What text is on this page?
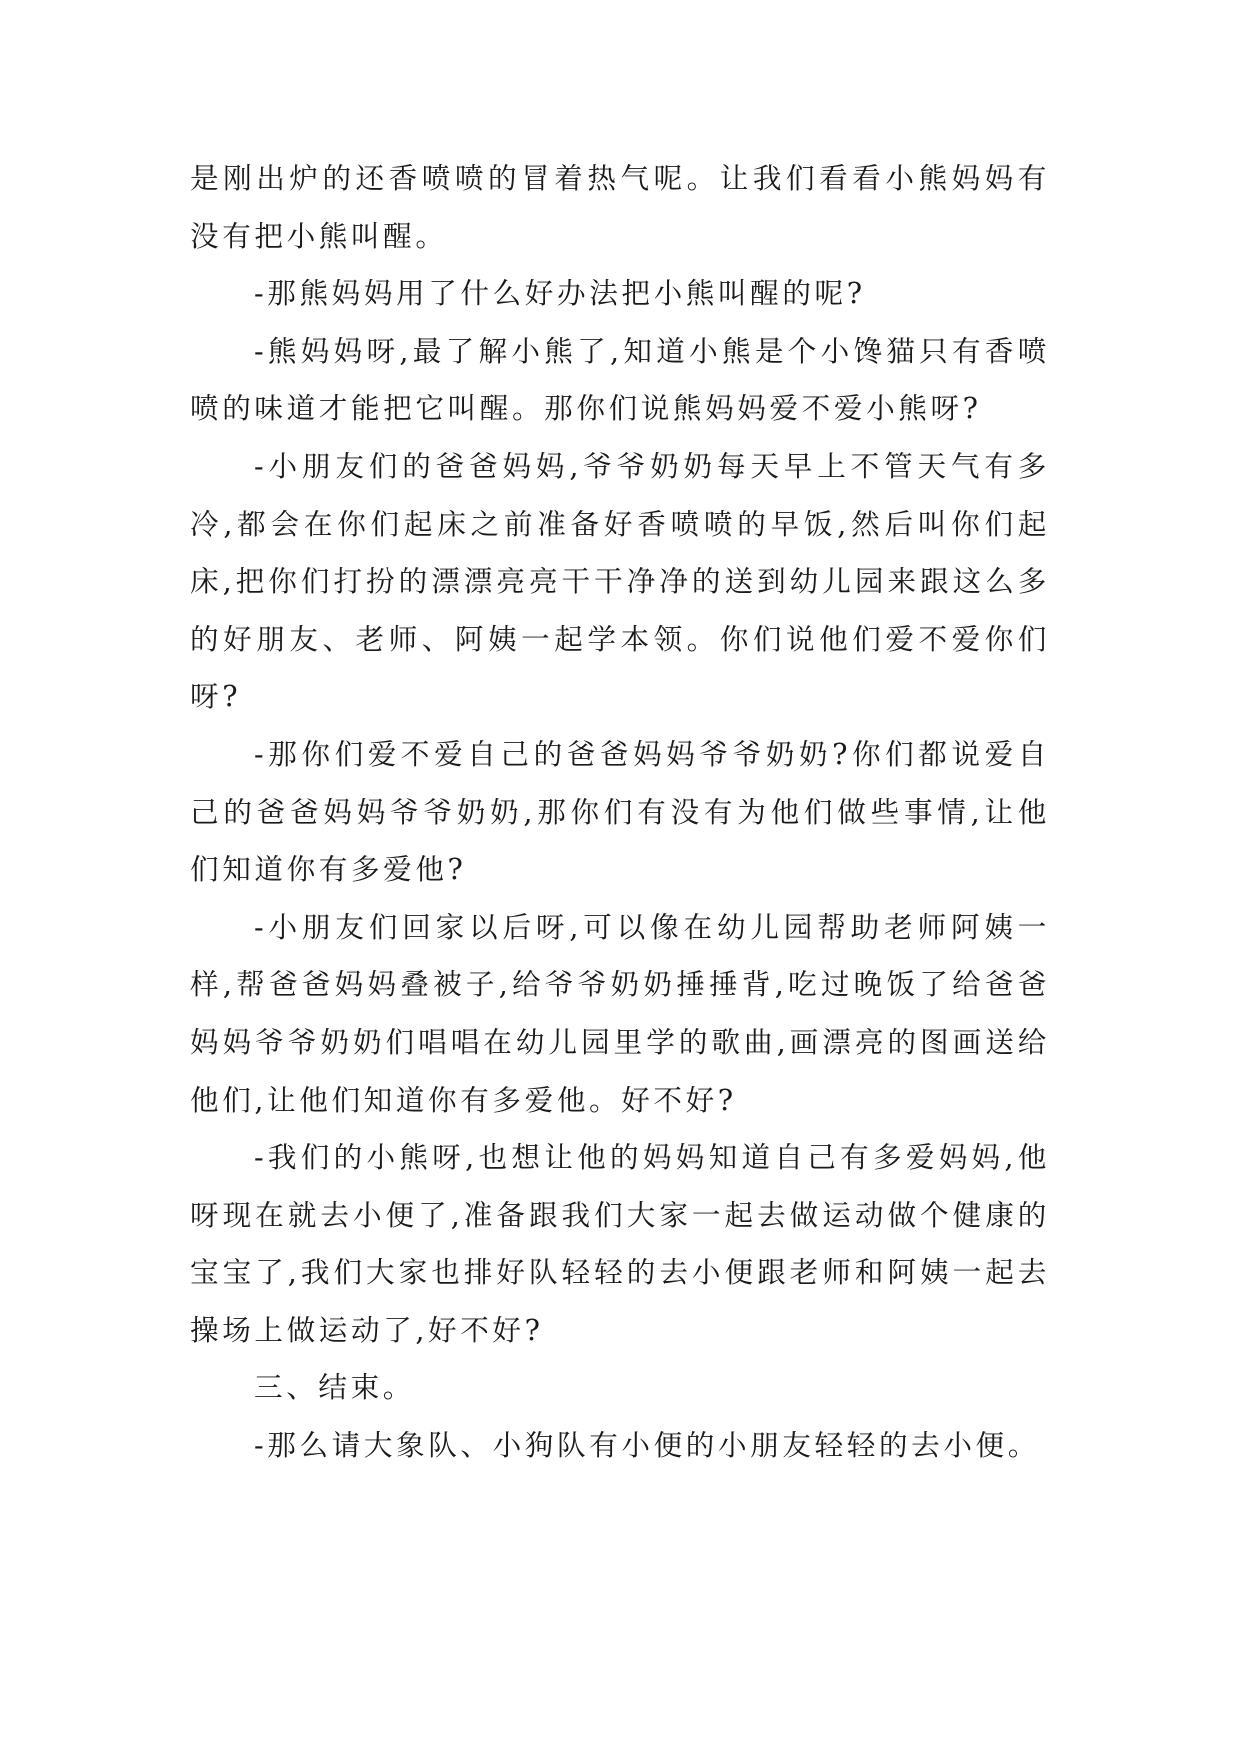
是刚出炉的还香喷喷的冒着热气呢。让我们看看小熊妈妈有没有把小熊叫醒。

-那熊妈妈用了什么好办法把小熊叫醒的呢?

-熊妈妈呀,最了解小熊了,知道小熊是个小馋猫只有香喷喷的味道才能把它叫醒。那你们说熊妈妈爱不爱小熊呀?

-小朋友们的爸爸妈妈,爷爷奶奶每天早上不管天气有多冷,都会在你们起床之前准备好香喷喷的早饭,然后叫你们起床,把你们打扮的漂漂亮亮干干净净的送到幼儿园来跟这么多的好朋友、老师、阿姨一起学本领。你们说他们爱不爱你们呀?

-那你们爱不爱自己的爸爸妈妈爷爷奶奶?你们都说爱自己的爸爸妈妈爷爷奶奶,那你们有没有为他们做些事情,让他们知道你有多爱他?

-小朋友们回家以后呀,可以像在幼儿园帮助老师阿姨一样,帮爸爸妈妈叠被子,给爷爷奶奶捶捶背,吃过晚饭了给爸爸妈妈爷爷奶奶们唱唱在幼儿园里学的歌曲,画漂亮的图画送给他们,让他们知道你有多爱他。好不好?

-我们的小熊呀,也想让他的妈妈知道自己有多爱妈妈,他呀现在就去小便了,准备跟我们大家一起去做运动做个健康的宝宝了,我们大家也排好队轻轻的去小便跟老师和阿姨一起去操场上做运动了,好不好?

三、结束。

-那么请大象队、小狗队有小便的小朋友轻轻的去小便。
